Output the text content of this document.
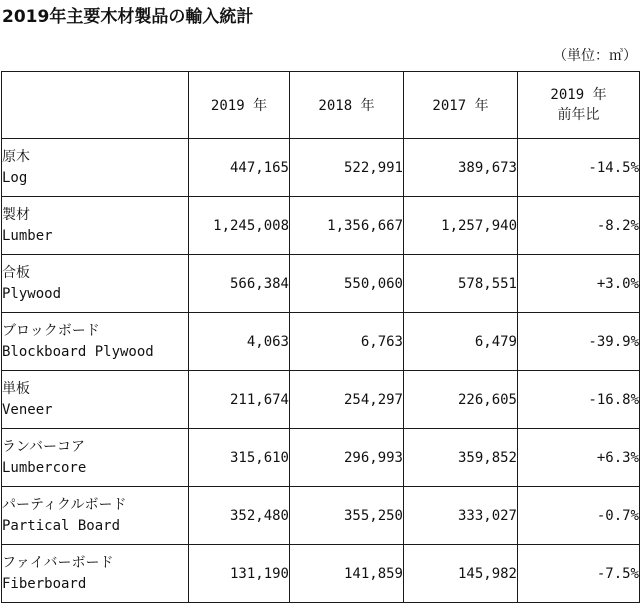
2019年主要木材製品の輸入統計
（単位：㎥）
	2019 年	2018 年	2017 年	2019 年
前年比

原木
Log	447,165	522,991	389,673	-14.5%

製材
Lumber	1,245,008	1,356,667	1,257,940	-8.2%

合板
Plywood	566,384	550,060	578,551	+3.0%

ブロックボード
Blockboard Plywood	4,063	6,763	6,479	-39.9%

単板
Veneer	211,674	254,297	226,605	-16.8%

ランバーコア
Lumbercore	315,610	296,993	359,852	+6.3%

パーティクルボード
Partical Board	352,480	355,250	333,027	-0.7%

ファイバーボード
Fiberboard	131,190	141,859	145,982	-7.5%
